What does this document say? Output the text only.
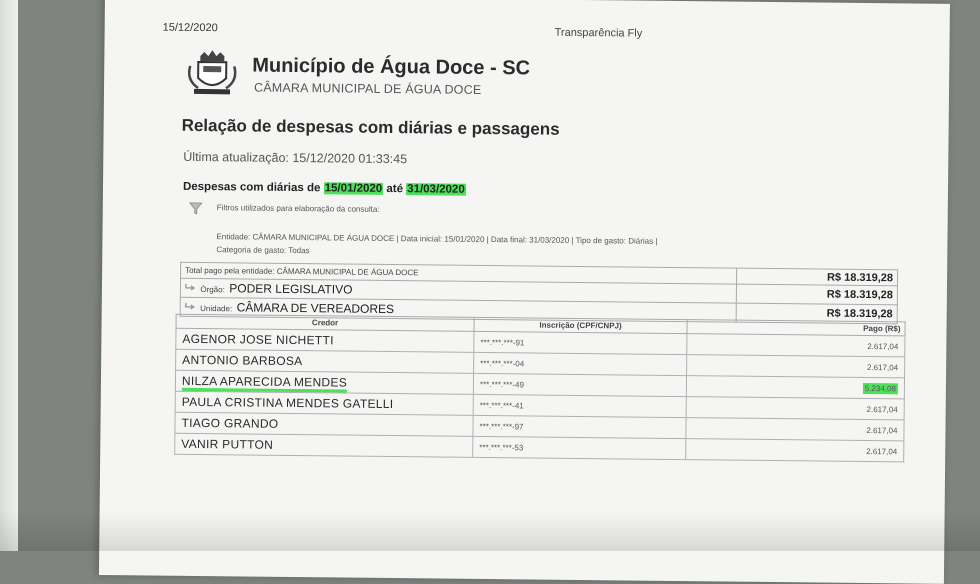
15/12/2020	Transparência Fly
Município de Água Doce - SC
CÂMARA MUNICIPAL DE ÁGUA DOCE
Relação de despesas com diárias e passagens
Última atualização: 15/12/2020 01:33:45
Despesas com diárias de 15/01/2020 até 31/03/2020
Filtros utilizados para elaboração da consulta:
Entidade: CÂMARA MUNICIPAL DE ÁGUA DOCE | Data inicial: 15/01/2020 | Data final: 31/03/2020 | Tipo de gasto: Diárias |
Categoria de gasto: Todas
Total pago pela entidade: CÂMARA MUNICIPAL DE ÁGUA DOCE	R$ 18.319,28
Órgão: PODER LEGISLATIVO	R$ 18.319,28
Unidade: CÂMARA DE VEREADORES	R$ 18.319,28
Credor	Inscrição (CPF/CNPJ)	Pago (R$)
AGENOR JOSE NICHETTI	***.***.***-91	2.617,04
ANTONIO BARBOSA	***.***.***-04	2.617,04
NILZA APARECIDA MENDES	***.***.***-49	5.234,08
PAULA CRISTINA MENDES GATELLI	***.***.***-41	2.617,04
TIAGO GRANDO	***.***.***-97	2.617,04
VANIR PUTTON	***.***.***-53	2.617,04
